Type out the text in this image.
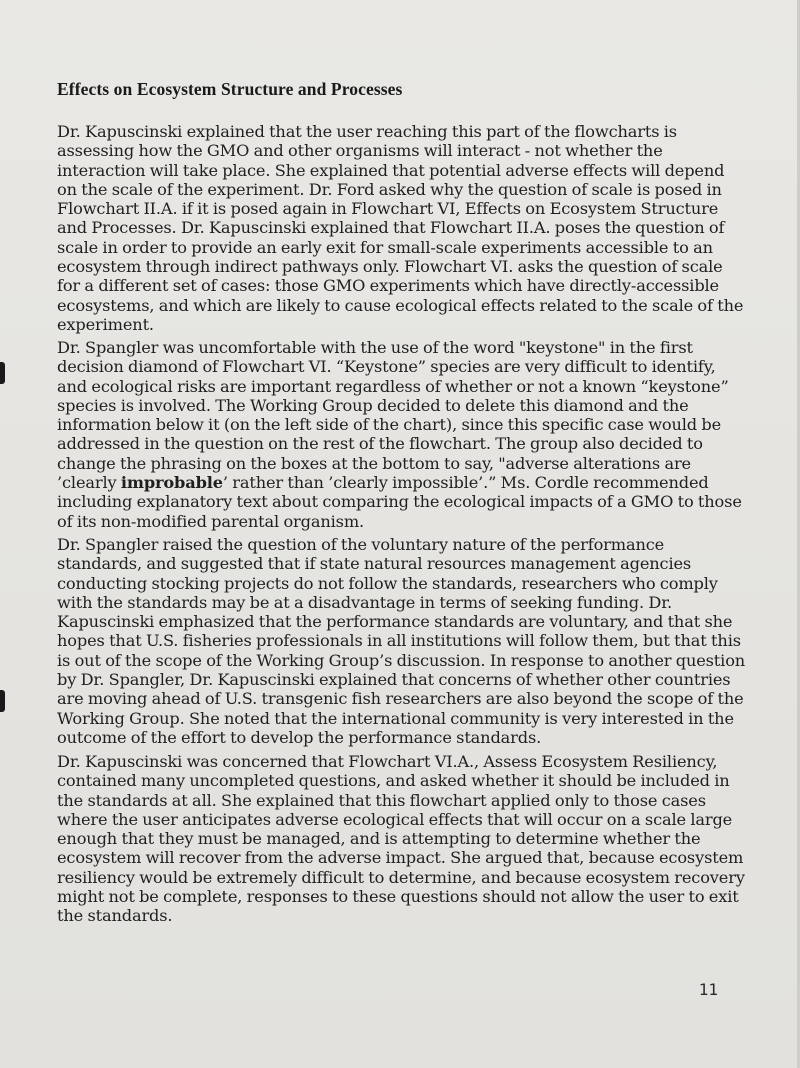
Effects on Ecosystem Structure and Processes

Dr. Kapuscinski explained that the user reaching this part of the flowcharts is assessing how the GMO and other organisms will interact - not whether the interaction will take place. She explained that potential adverse effects will depend on the scale of the experiment. Dr. Ford asked why the question of scale is posed in Flowchart II.A. if it is posed again in Flowchart VI, Effects on Ecosystem Structure and Processes. Dr. Kapuscinski explained that Flowchart II.A. poses the question of scale in order to provide an early exit for small-scale experiments accessible to an ecosystem through indirect pathways only. Flowchart VI. asks the question of scale for a different set of cases: those GMO experiments which have directly-accessible ecosystems, and which are likely to cause ecological effects related to the scale of the experiment.

Dr. Spangler was uncomfortable with the use of the word "keystone" in the first decision diamond of Flowchart VI. “Keystone” species are very difficult to identify, and ecological risks are important regardless of whether or not a known “keystone” species is involved. The Working Group decided to delete this diamond and the information below it (on the left side of the chart), since this specific case would be addressed in the question on the rest of the flowchart. The group also decided to change the phrasing on the boxes at the bottom to say, "adverse alterations are ’clearly improbable’ rather than ’clearly impossible’.” Ms. Cordle recommended including explanatory text about comparing the ecological impacts of a GMO to those of its non-modified parental organism.

Dr. Spangler raised the question of the voluntary nature of the performance standards, and suggested that if state natural resources management agencies conducting stocking projects do not follow the standards, researchers who comply with the standards may be at a disadvantage in terms of seeking funding. Dr. Kapuscinski emphasized that the performance standards are voluntary, and that she hopes that U.S. fisheries professionals in all institutions will follow them, but that this is out of the scope of the Working Group’s discussion. In response to another question by Dr. Spangler, Dr. Kapuscinski explained that concerns of whether other countries are moving ahead of U.S. transgenic fish researchers are also beyond the scope of the Working Group. She noted that the international community is very interested in the outcome of the effort to develop the performance standards.

Dr. Kapuscinski was concerned that Flowchart VI.A., Assess Ecosystem Resiliency, contained many uncompleted questions, and asked whether it should be included in the standards at all. She explained that this flowchart applied only to those cases where the user anticipates adverse ecological effects that will occur on a scale large enough that they must be managed, and is attempting to determine whether the ecosystem will recover from the adverse impact. She argued that, because ecosystem resiliency would be extremely difficult to determine, and because ecosystem recovery might not be complete, responses to these questions should not allow the user to exit the standards.

11
